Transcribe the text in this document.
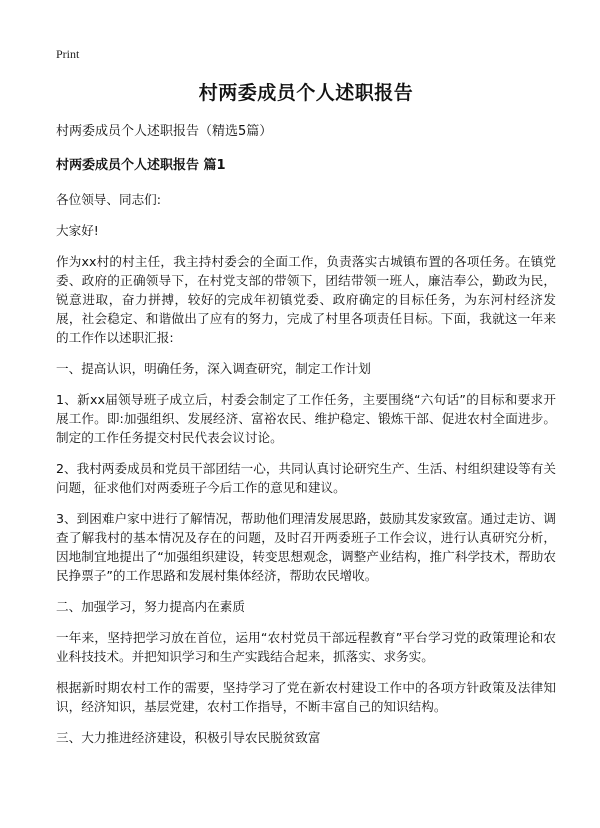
Print
村两委成员个人述职报告

村两委成员个人述职报告（精选5篇）

村两委成员个人述职报告 篇1

各位领导、同志们:

大家好!

作为xx村的村主任，我主持村委会的全面工作，负责落实古城镇布置的各项任务。在镇党委、政府的正确领导下，在村党支部的带领下，团结带领一班人，廉洁奉公，勤政为民，锐意进取，奋力拼搏，较好的完成年初镇党委、政府确定的目标任务，为东河村经济发展，社会稳定、和谐做出了应有的努力，完成了村里各项责任目标。下面，我就这一年来的工作作以述职汇报:

一、提高认识，明确任务，深入调查研究，制定工作计划

1、新xx届领导班子成立后，村委会制定了工作任务，主要围绕“六句话”的目标和要求开展工作。即:加强组织、发展经济、富裕农民、维护稳定、锻炼干部、促进农村全面进步。制定的工作任务提交村民代表会议讨论。

2、我村两委成员和党员干部团结一心，共同认真讨论研究生产、生活、村组织建设等有关问题，征求他们对两委班子今后工作的意见和建议。

3、到困难户家中进行了解情况，帮助他们理清发展思路，鼓励其发家致富。通过走访、调查了解我村的基本情况及存在的问题，及时召开两委班子工作会议，进行认真研究分析，因地制宜地提出了“加强组织建设，转变思想观念，调整产业结构，推广科学技术，帮助农民挣票子”的工作思路和发展村集体经济，帮助农民增收。

二、加强学习，努力提高内在素质

一年来，坚持把学习放在首位，运用“农村党员干部远程教育”平台学习党的政策理论和农业科技技术。并把知识学习和生产实践结合起来，抓落实、求务实。

根据新时期农村工作的需要，坚持学习了党在新农村建设工作中的各项方针政策及法律知识，经济知识，基层党建，农村工作指导，不断丰富自己的知识结构。

三、大力推进经济建设，积极引导农民脱贫致富
